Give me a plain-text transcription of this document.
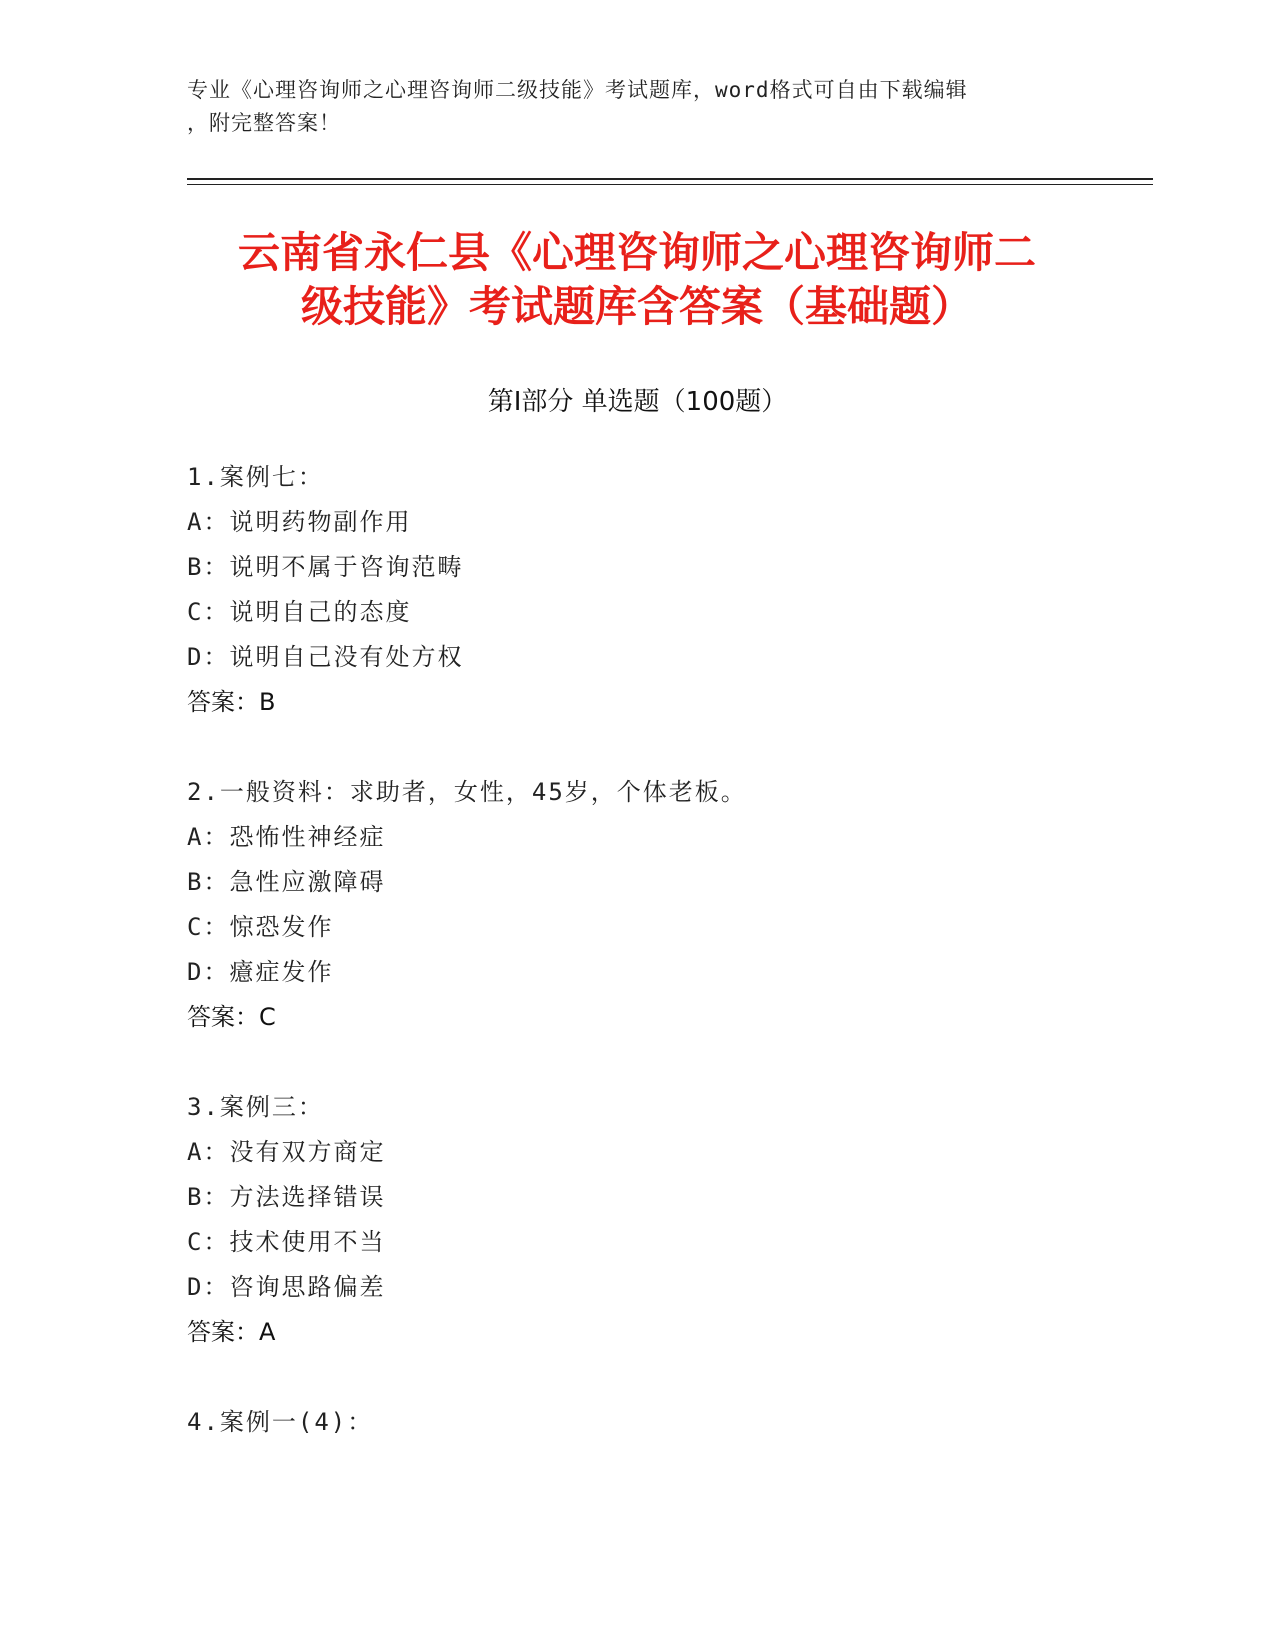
专业《心理咨询师之心理咨询师二级技能》考试题库，word格式可自由下载编辑
，附完整答案！
云南省永仁县《心理咨询师之心理咨询师二
级技能》考试题库含答案（基础题）
第Ⅰ部分 单选题（100题）
1.案例七：
A：说明药物副作用
B：说明不属于咨询范畴
C：说明自己的态度
D：说明自己没有处方权
答案：B
2.一般资料：求助者，女性，45岁，个体老板。
A：恐怖性神经症
B：急性应激障碍
C：惊恐发作
D：癔症发作
答案：C
3.案例三：
A：没有双方商定
B：方法选择错误
C：技术使用不当
D：咨询思路偏差
答案：A
4.案例一(4)：
